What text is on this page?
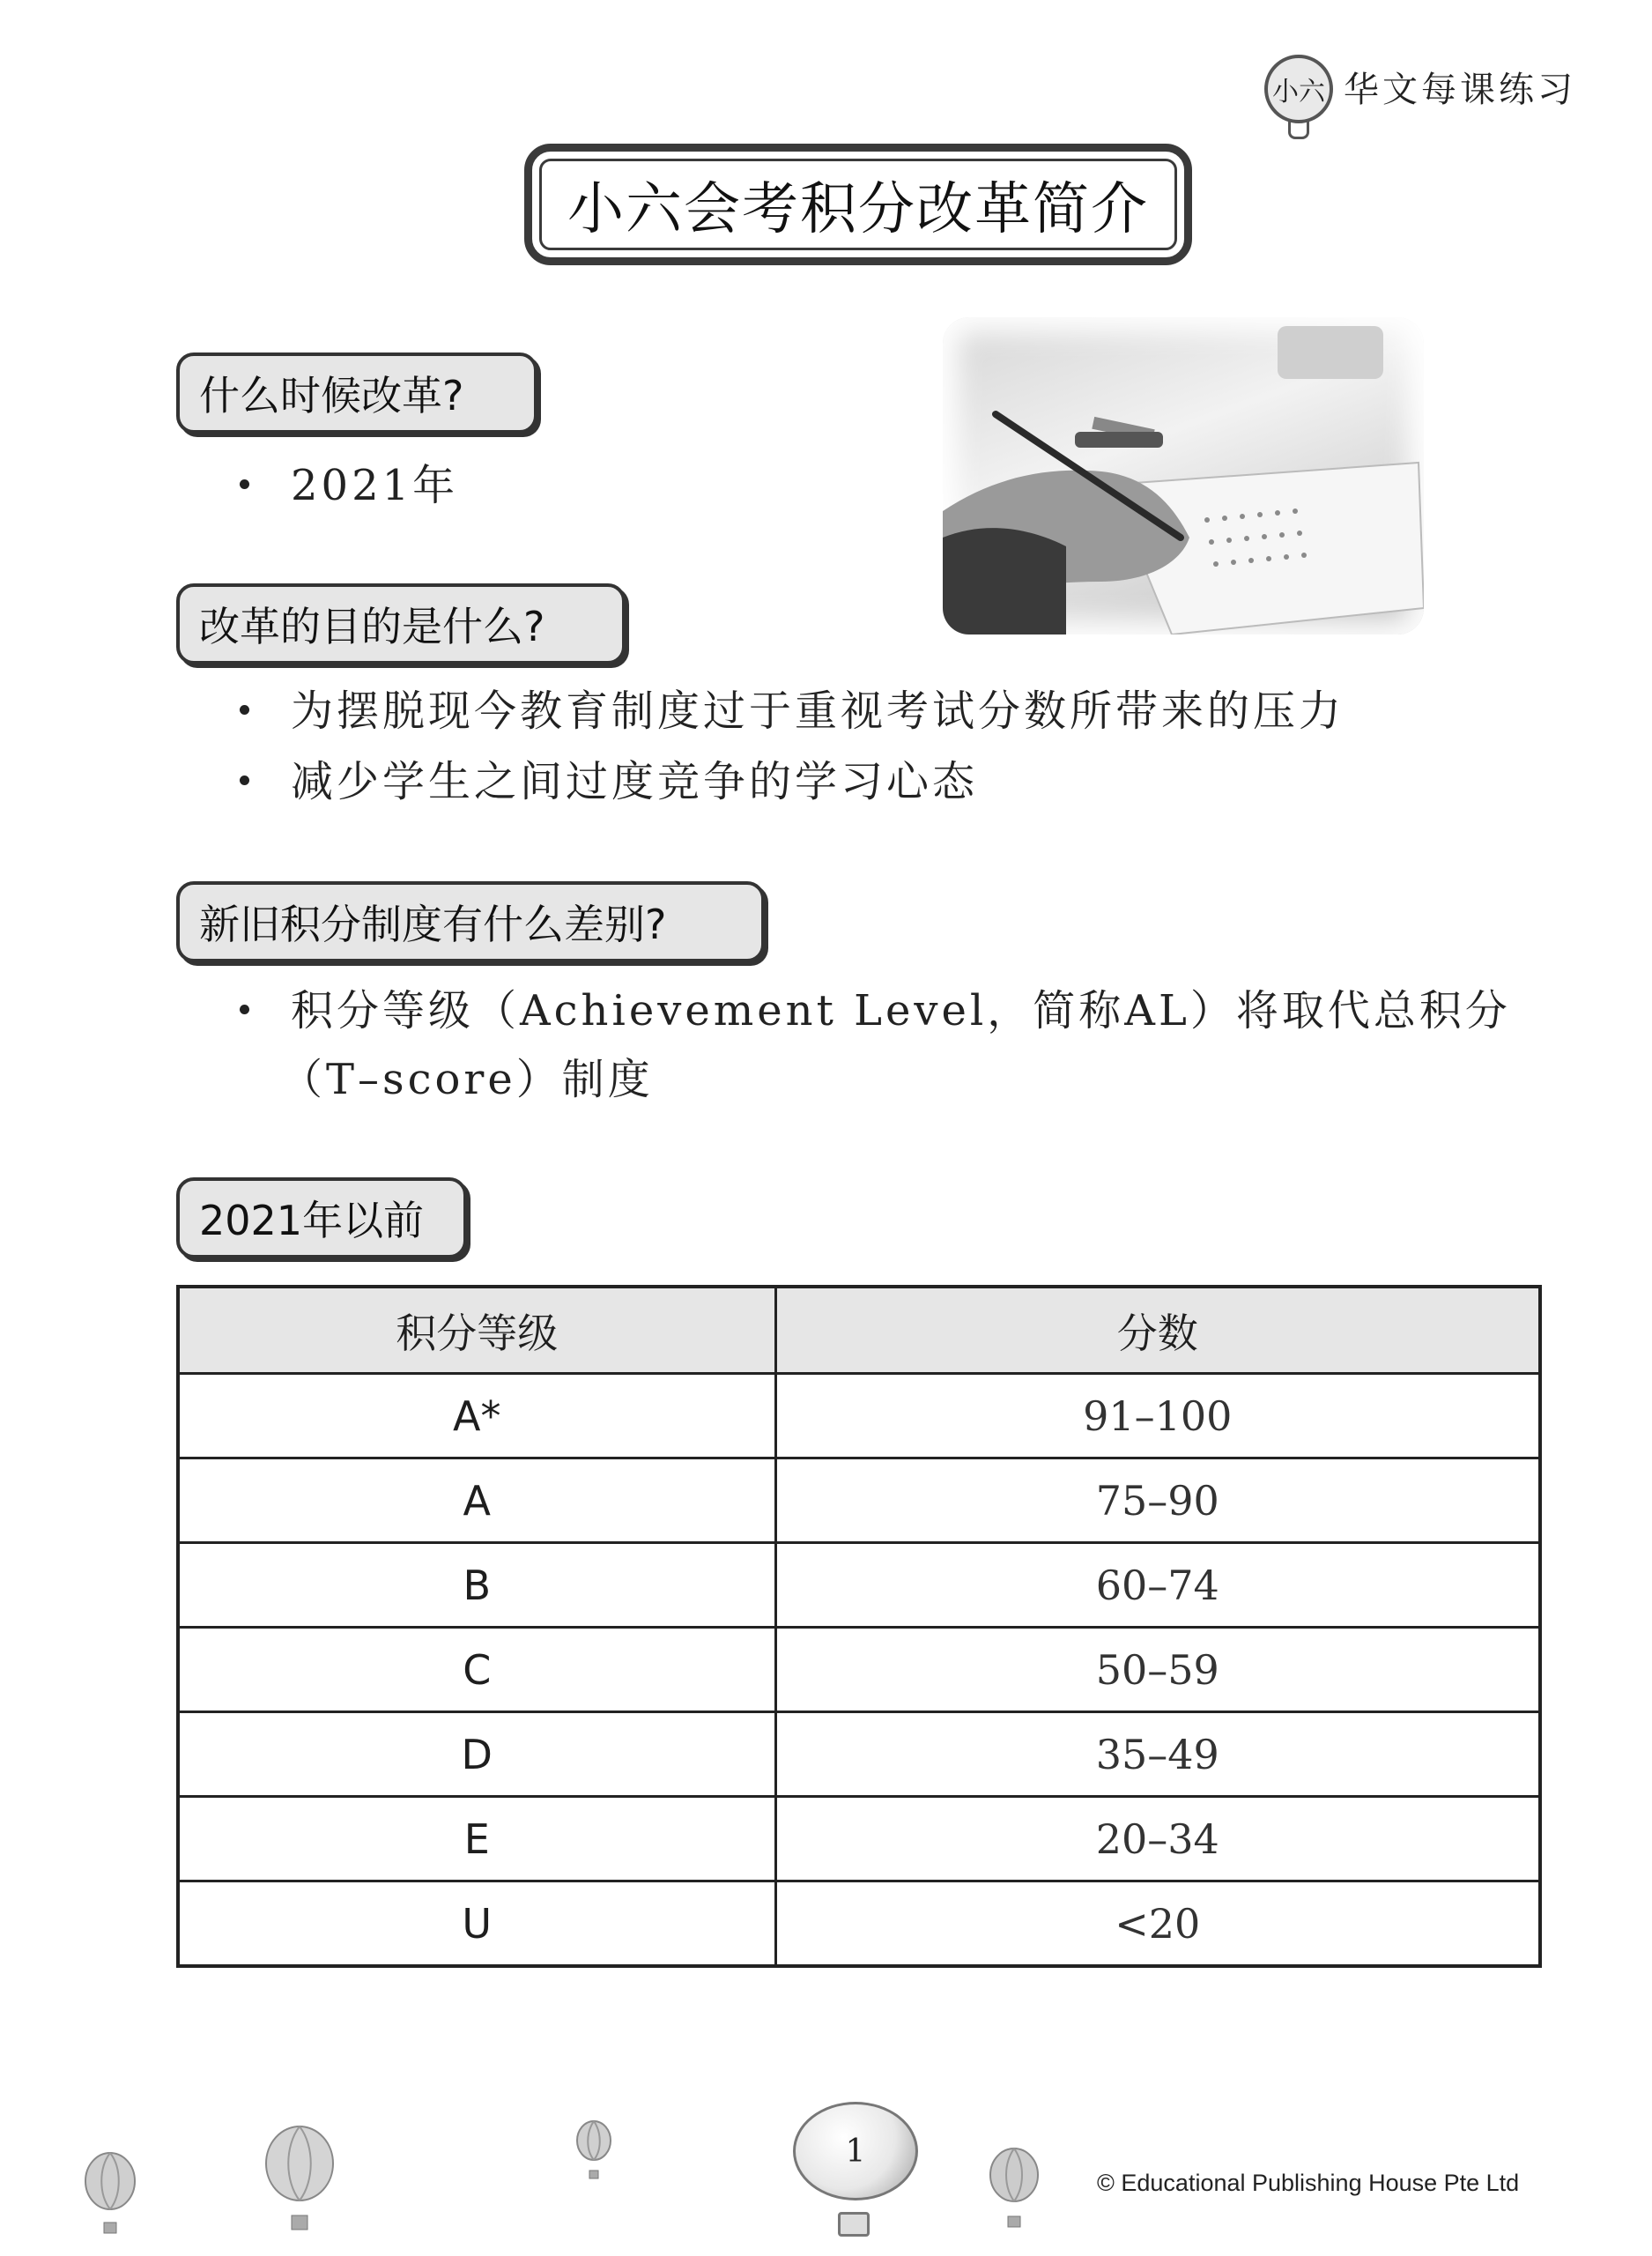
小六 华文每课练习
小六会考积分改革简介
什么时候改革?
2021年
改革的目的是什么?
为摆脱现今教育制度过于重视考试分数所带来的压力
减少学生之间过度竞争的学习心态
新旧积分制度有什么差别?
积分等级（Achievement Level，简称AL）将取代总积分
（T–score）制度
2021年以前
积分等级	分数
A*	91–100
A	75–90
B	60–74
C	50–59
D	35–49
E	20–34
U	<20
1
© Educational Publishing House Pte Ltd
